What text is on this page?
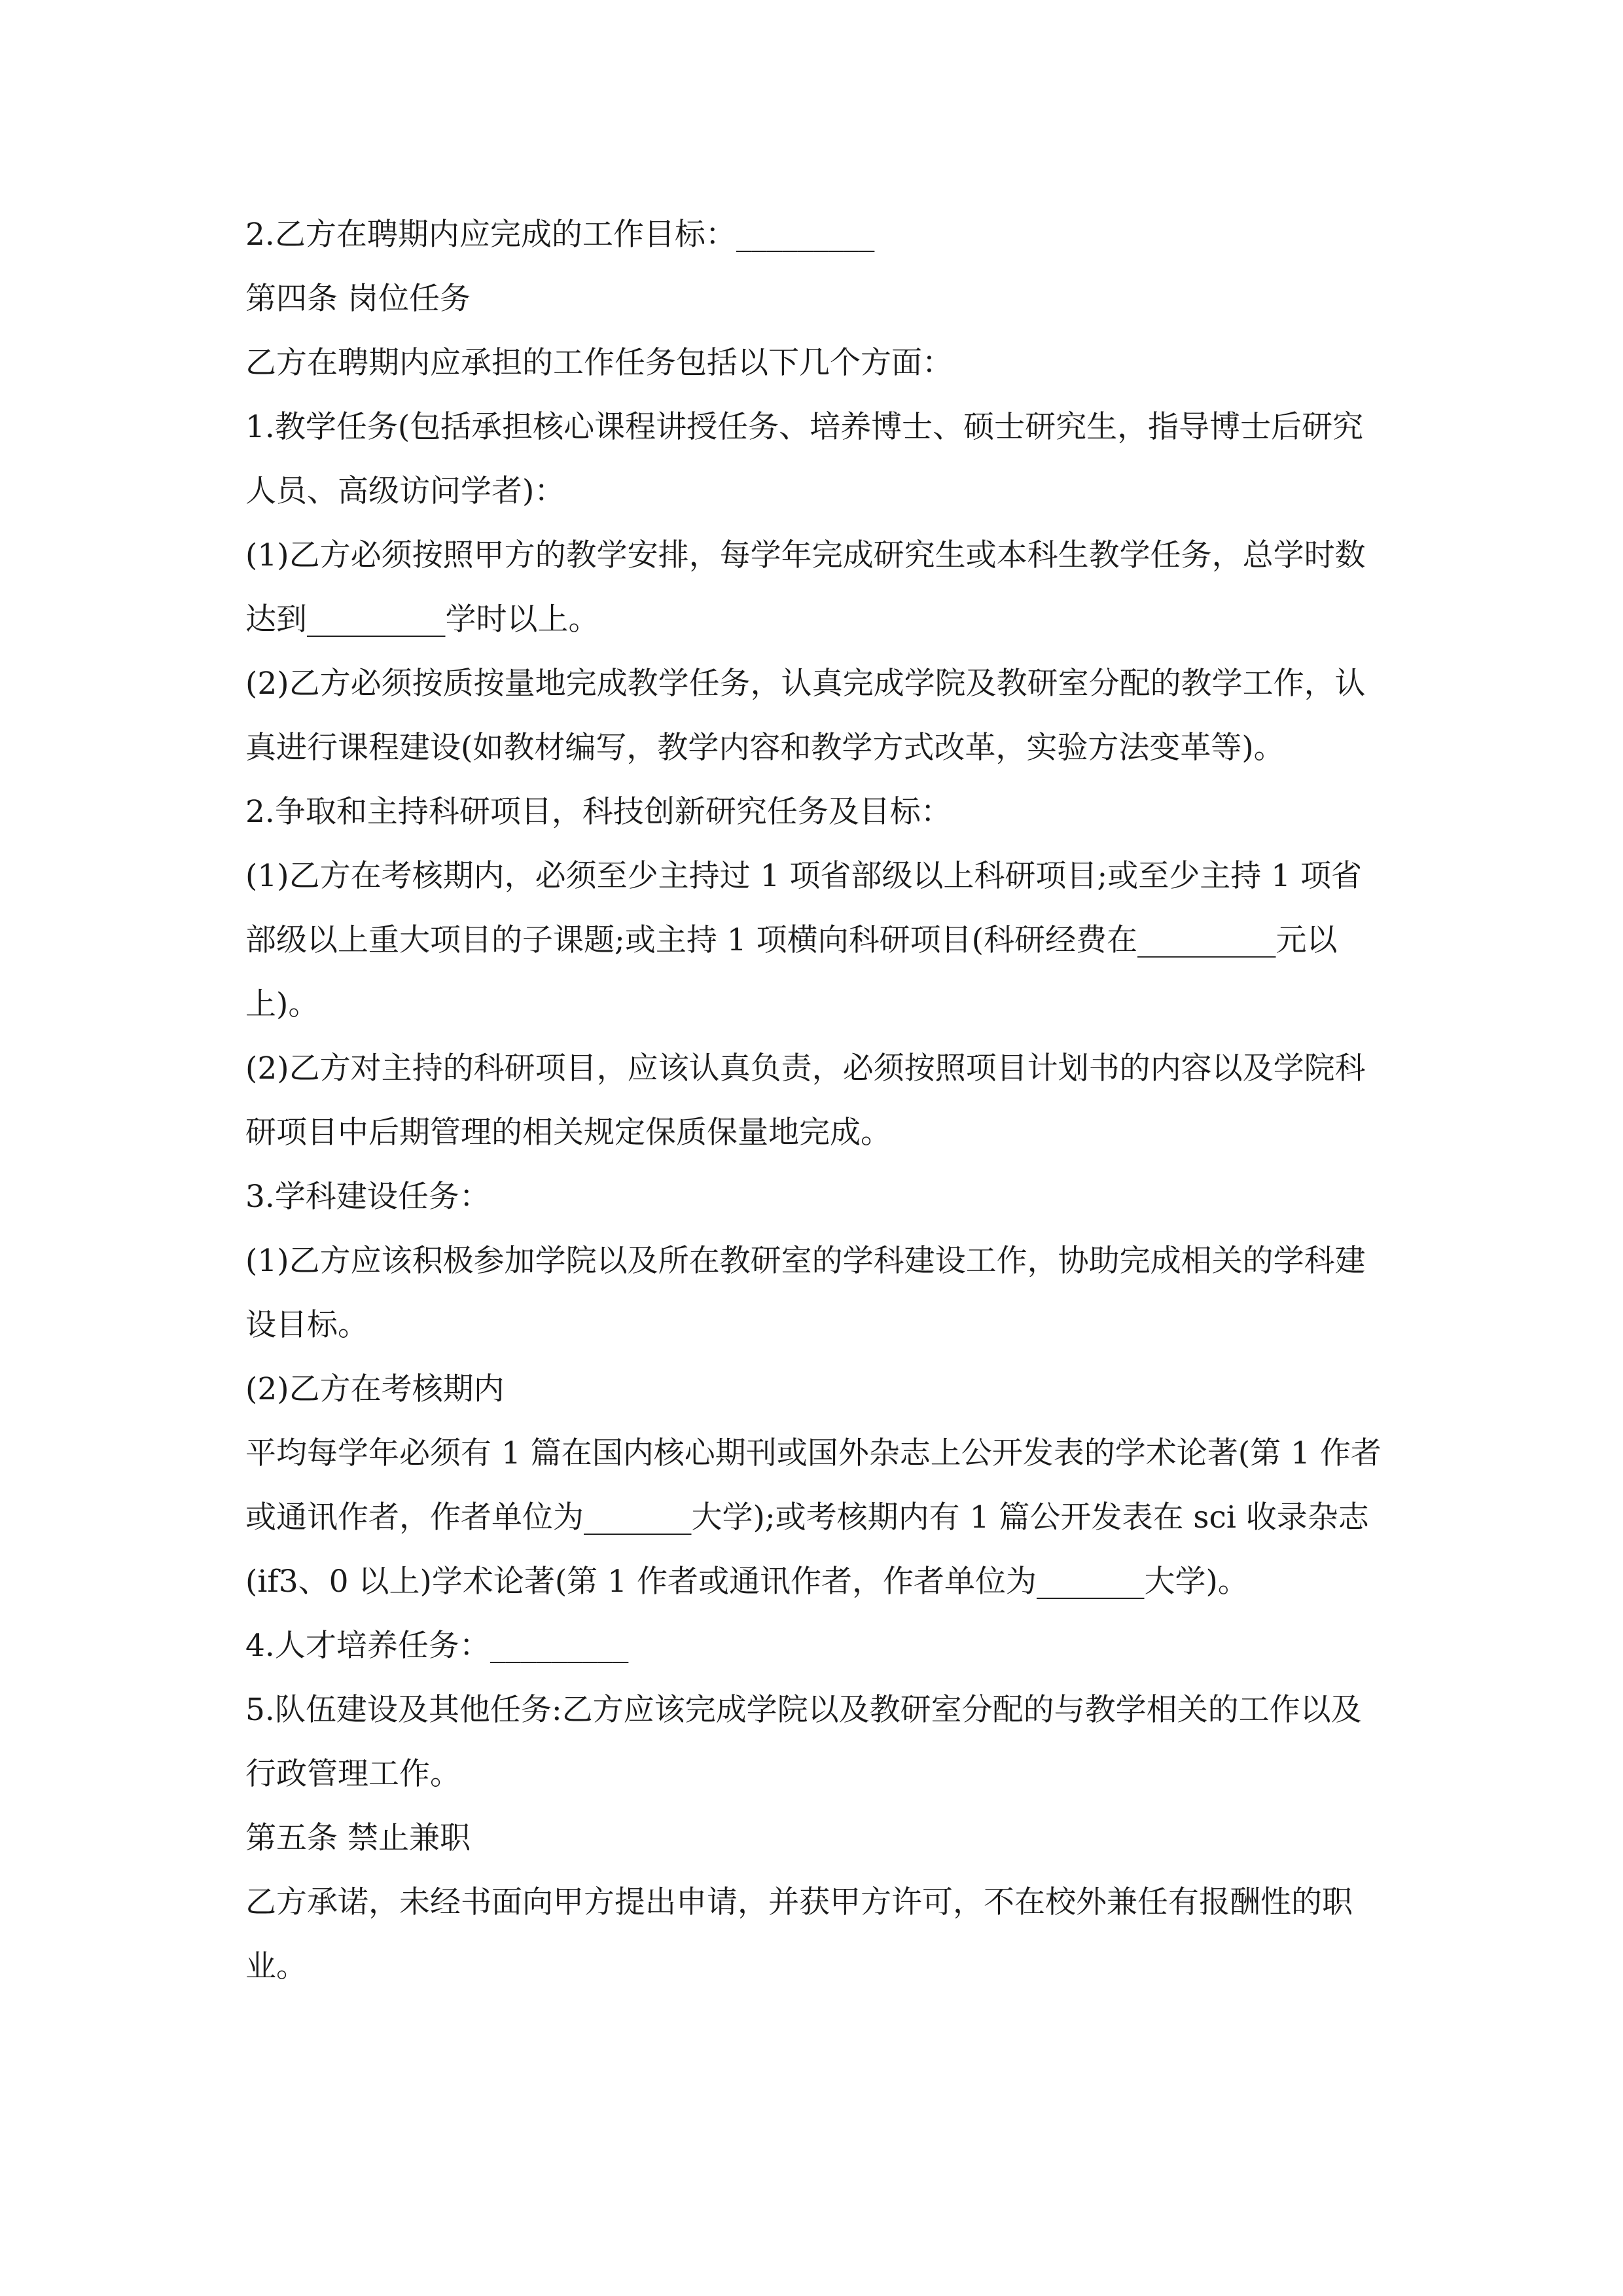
2.乙方在聘期内应完成的工作目标：_________

第四条 岗位任务

乙方在聘期内应承担的工作任务包括以下几个方面：

1.教学任务(包括承担核心课程讲授任务、培养博士、硕士研究生，指导博士后研究人员、高级访问学者)：

(1)乙方必须按照甲方的教学安排，每学年完成研究生或本科生教学任务，总学时数达到_________学时以上。

(2)乙方必须按质按量地完成教学任务，认真完成学院及教研室分配的教学工作，认真进行课程建设(如教材编写，教学内容和教学方式改革，实验方法变革等)。

2.争取和主持科研项目，科技创新研究任务及目标：

(1)乙方在考核期内，必须至少主持过 1 项省部级以上科研项目;或至少主持 1 项省部级以上重大项目的子课题;或主持 1 项横向科研项目(科研经费在_________元以上)。

(2)乙方对主持的科研项目，应该认真负责，必须按照项目计划书的内容以及学院科研项目中后期管理的相关规定保质保量地完成。

3.学科建设任务：

(1)乙方应该积极参加学院以及所在教研室的学科建设工作，协助完成相关的学科建设目标。

(2)乙方在考核期内

平均每学年必须有 1 篇在国内核心期刊或国外杂志上公开发表的学术论著(第 1 作者或通讯作者，作者单位为_______大学);或考核期内有 1 篇公开发表在 sci 收录杂志(if3、0 以上)学术论著(第 1 作者或通讯作者，作者单位为_______大学)。

4.人才培养任务：_________

5.队伍建设及其他任务:乙方应该完成学院以及教研室分配的与教学相关的工作以及行政管理工作。

第五条 禁止兼职

乙方承诺，未经书面向甲方提出申请，并获甲方许可，不在校外兼任有报酬性的职业。
